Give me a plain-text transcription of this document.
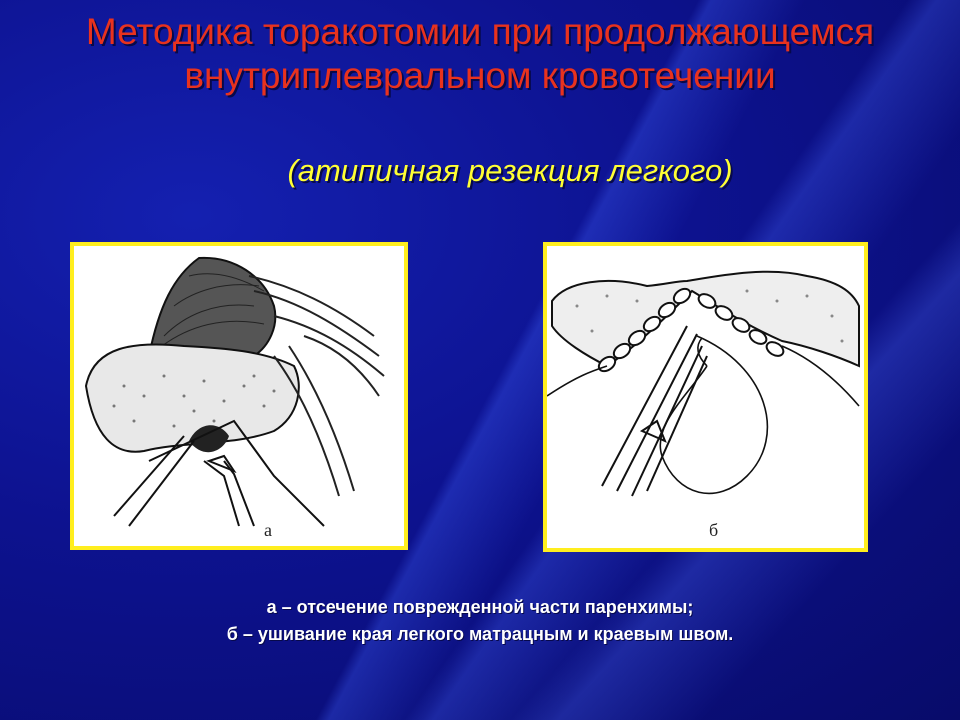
Методика торакотомии при продолжающемся
внутриплевральном кровотечении
(атипичная резекция легкого)
а	б
а – отсечение поврежденной части паренхимы;
б – ушивание края легкого матрацным и краевым швом.
